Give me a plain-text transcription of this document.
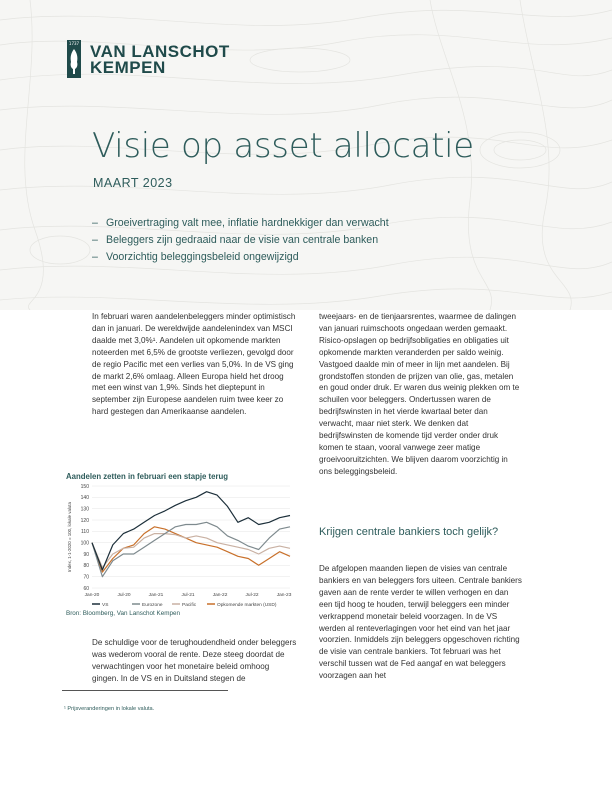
1737 VAN LANSCHOT
KEMPEN
Visie op asset allocatie
MAART 2023
– Groeivertraging valt mee, inflatie hardnekkiger dan verwacht
– Beleggers zijn gedraaid naar de visie van centrale banken
– Voorzichtig beleggingsbeleid ongewijzigd

In februari waren aandelenbeleggers minder optimistisch dan in januari. De wereldwijde aandelenindex van MSCI daalde met 3,0%¹. Aandelen uit opkomende markten noteerden met 6,5% de grootste verliezen, gevolgd door de regio Pacific met een verlies van 5,0%. In de VS ging de markt 2,6% omlaag. Alleen Europa hield het droog met een winst van 1,9%. Sinds het dieptepunt in september zijn Europese aandelen ruim twee keer zo hard gestegen dan Amerikaanse aandelen.

Aandelen zetten in februari een stapje terug
60
70
80
90
100
110
120
130
140
150
Jan-20	Jul-20	Jan-21	Jul-21	Jan-22	Jul-22	Jan-23
Index, 1-1-2020 = 100, lokale valuta
VS	Eurozone	Pacific	Opkomende markten (USD)
Bron: Bloomberg, Van Lanschot Kempen

De schuldige voor de terughoudendheid onder beleggers was wederom vooral de rente. Deze steeg doordat de verwachtingen voor het monetaire beleid omhoog gingen. In de VS en in Duitsland stegen de

tweejaars- en de tienjaarsrentes, waarmee de dalingen van januari ruimschoots ongedaan werden gemaakt. Risico-opslagen op bedrijfsobligaties en obligaties uit opkomende markten veranderden per saldo weinig. Vastgoed daalde min of meer in lijn met aandelen. Bij grondstoffen stonden de prijzen van olie, gas, metalen en goud onder druk. Er waren dus weinig plekken om te schuilen voor beleggers. Ondertussen waren de bedrijfswinsten in het vierde kwartaal beter dan verwacht, maar niet sterk. We denken dat bedrijfswinsten de komende tijd verder onder druk komen te staan, vooral vanwege zeer matige groeivooruitzichten. We blijven daarom voorzichtig in ons beleggingsbeleid.

Krijgen centrale bankiers toch gelijk?

De afgelopen maanden liepen de visies van centrale bankiers en van beleggers fors uiteen. Centrale bankiers gaven aan de rente verder te willen verhogen en dan een tijd hoog te houden, terwijl beleggers een minder verkrappend monetair beleid voorzagen. In de VS werden al renteverlagingen voor het eind van het jaar voorzien. Inmiddels zijn beleggers opgeschoven richting de visie van centrale bankiers. Tot februari was het verschil tussen wat de Fed aangaf en wat beleggers voorzagen aan het

¹ Prijsveranderingen in lokale valuta.
